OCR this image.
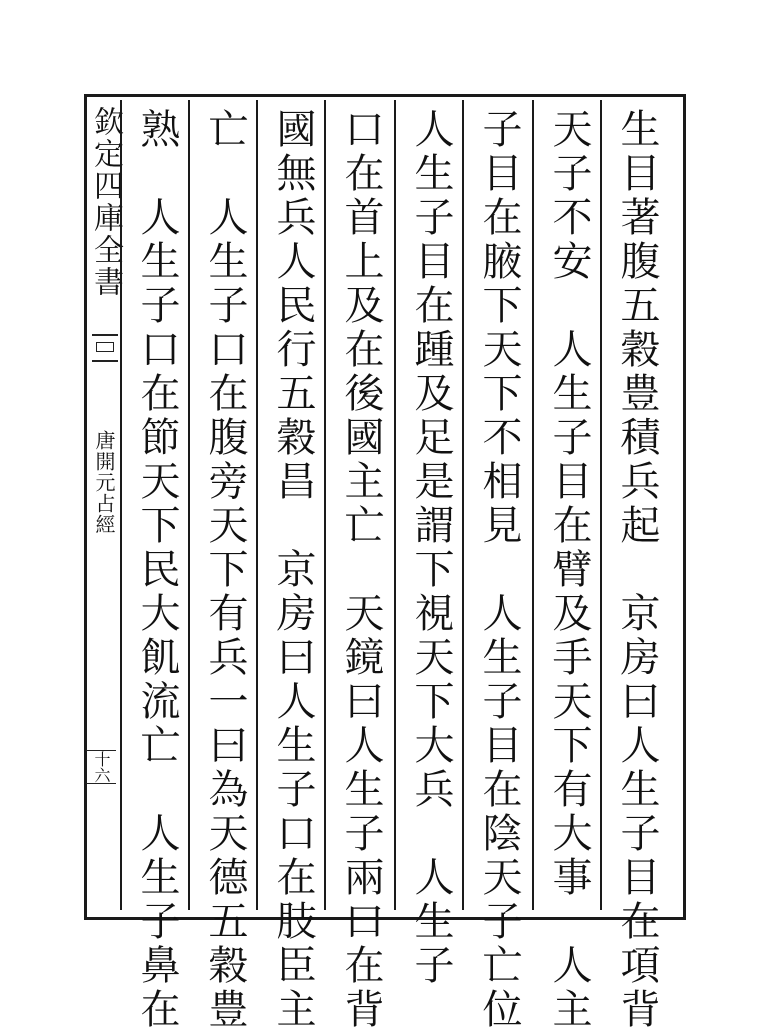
欽定四庫全書
唐開元占經
十六	生目著腹五穀豊積兵起　京房曰人生子目在項背
天子不安　人生子目在臂及手天下有大事　人主
子目在腋下天下不相見　人生子目在陰天子亡位
人生子目在踵及足是謂下視天下大兵　人生子
口在首上及在後國主亡　天鏡曰人生子兩口在背
國無兵人民行五穀昌　京房曰人生子口在肢臣主
亡　人生子口在腹旁天下有兵一曰為天德五穀豊
熟　人生子口在節天下民大飢流亡　人生子鼻在
